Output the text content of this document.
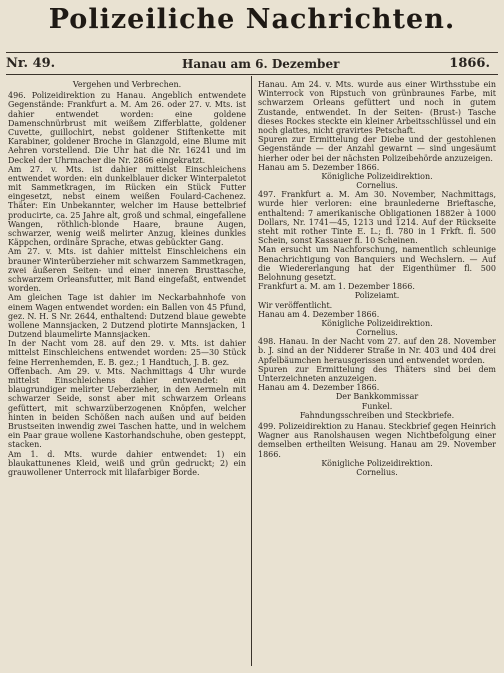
Polizeiliche Nachrichten.
Nr. 49.	Hanau am 6. Dezember	1866.

Vergehen und Verbrechen.

496. Polizeidirektion zu Hanau. Angeblich entwendete Gegenstände: Frankfurt a. M. Am 26. oder 27. v. Mts. ist dahier entwendet worden: eine goldene Damenschnürbrust mit weißem Zifferblatte, goldener Cuvette, guillochirt, nebst goldener Stiftenkette mit Karabiner, goldener Broche in Glanzgold, eine Blume mit Aehren vorstellend. Die Uhr hat die Nr. 16241 und im Deckel der Uhrmacher die Nr. 2866 eingekratzt.

Am 27. v. Mts. ist dahier mittelst Einschleichens entwendet worden: ein dunkelblauer dicker Winterpaletot mit Sammetkragen, im Rücken ein Stück Futter eingesetzt, nebst einem weißen Foulard-Cachenez. Thäter: Ein Unbekannter, welcher im Hause bettelbrief producirte, ca. 25 Jahre alt, groß und schmal, eingefallene Wangen, röthlich-blonde Haare, braune Augen, schwarzer, wenig weiß melirter Anzug, kleines dunkles Käppchen, ordinäre Sprache, etwas gebückter Gang.

Am 27. v. Mts. ist dahier mittelst Einschleichens ein brauner Winterüberzieher mit schwarzem Sammetkragen, zwei äußeren Seiten- und einer inneren Brusttasche, schwarzem Orleansfutter, mit Band eingefaßt, entwendet worden.

Am gleichen Tage ist dahier im Neckarbahnhofe von einem Wagen entwendet worden: ein Ballen von 45 Pfund, gez. N. H. S Nr. 2644, enthaltend: Dutzend blaue gewebte wollene Mannsjacken, 2 Dutzend plotirte Mannsjacken, 1 Dutzend blaumelirte Mannsjacken.

In der Nacht vom 28. auf den 29. v. Mts. ist dahier mittelst Einschleichens entwendet worden: 25—30 Stück feine Herrenhemden, E. B. gez.; 1 Handtuch, J. B. gez.

Offenbach. Am 29. v. Mts. Nachmittags 4 Uhr wurde mittelst Einschleichens dahier entwendet: ein blaugrundiger melirter Ueberzieher, in den Aermeln mit schwarzer Seide, sonst aber mit schwarzem Orleans gefüttert, mit schwarzüberzogenen Knöpfen, welcher hinten in beiden Schößen nach außen und auf beiden Brustseiten inwendig zwei Taschen hatte, und in welchem ein Paar graue wollene Kastorhandschuhe, oben gesteppt, stacken.

Am 1. d. Mts. wurde dahier entwendet: 1) ein blaukattunenes Kleid, weiß und grün gedruckt; 2) ein grauwollener Unterrock mit lilafarbiger Borde.

Hanau. Am 24. v. Mts. wurde aus einer Wirthsstube ein Winterrock von Ripstuch von grünbraunes Farbe, mit schwarzem Orleans gefüttert und noch in gutem Zustande, entwendet. In der Seiten- (Brust-) Tasche dieses Rockes steckte ein kleiner Arbeitsschlüssel und ein noch glattes, nicht gravirtes Petschaft.

Spuren zur Ermittelung der Diebe und der gestohlenen Gegenstände — der Anzahl gewarnt — sind ungesäumt hierher oder bei der nächsten Polizeibehörde anzuzeigen.

Hanau am 5. Dezember 1866.

Königliche Polizeidirektion.

Cornelius.

497. Frankfurt a. M. Am 30. November, Nachmittags, wurde hier verloren: eine braunlederne Brieftasche, enthaltend: 7 amerikanische Obligationen 1882er à 1000 Dollars, Nr. 1741—45, 1213 und 1214. Auf der Rückseite steht mit rother Tinte E. L.; fl. 780 in 1 Frkft. fl. 500 Schein, sonst Kassauer fl. 10 Scheinen.

Man ersucht um Nachforschung, namentlich schleunige Benachrichtigung von Banquiers und Wechslern. — Auf die Wiedererlangung hat der Eigenthümer fl. 500 Belohnung gesetzt.

Frankfurt a. M. am 1. Dezember 1866.

Polizeiamt.

Wir veröffentlicht.

Hanau am 4. Dezember 1866.

Königliche Polizeidirektion.

Cornelius.

498. Hanau. In der Nacht vom 27. auf den 28. November b. J. sind an der Nidderer Straße in Nr. 403 und 404 drei Apfelbäumchen herausgerissen und entwendet worden.

Spuren zur Ermittelung des Thäters sind bei dem Unterzeichneten anzuzeigen.

Hanau am 4. Dezember 1866.

Der Bankkommissar

Funkel.

Fahndungsschreiben und Steckbriefe.

499. Polizeidirektion zu Hanau. Steckbrief gegen Heinrich Wagner aus Ranolshausen wegen Nichtbefolgung einer demselben ertheilten Weisung. Hanau am 29. November 1866.

Königliche Polizeidirektion.

Cornelius.
